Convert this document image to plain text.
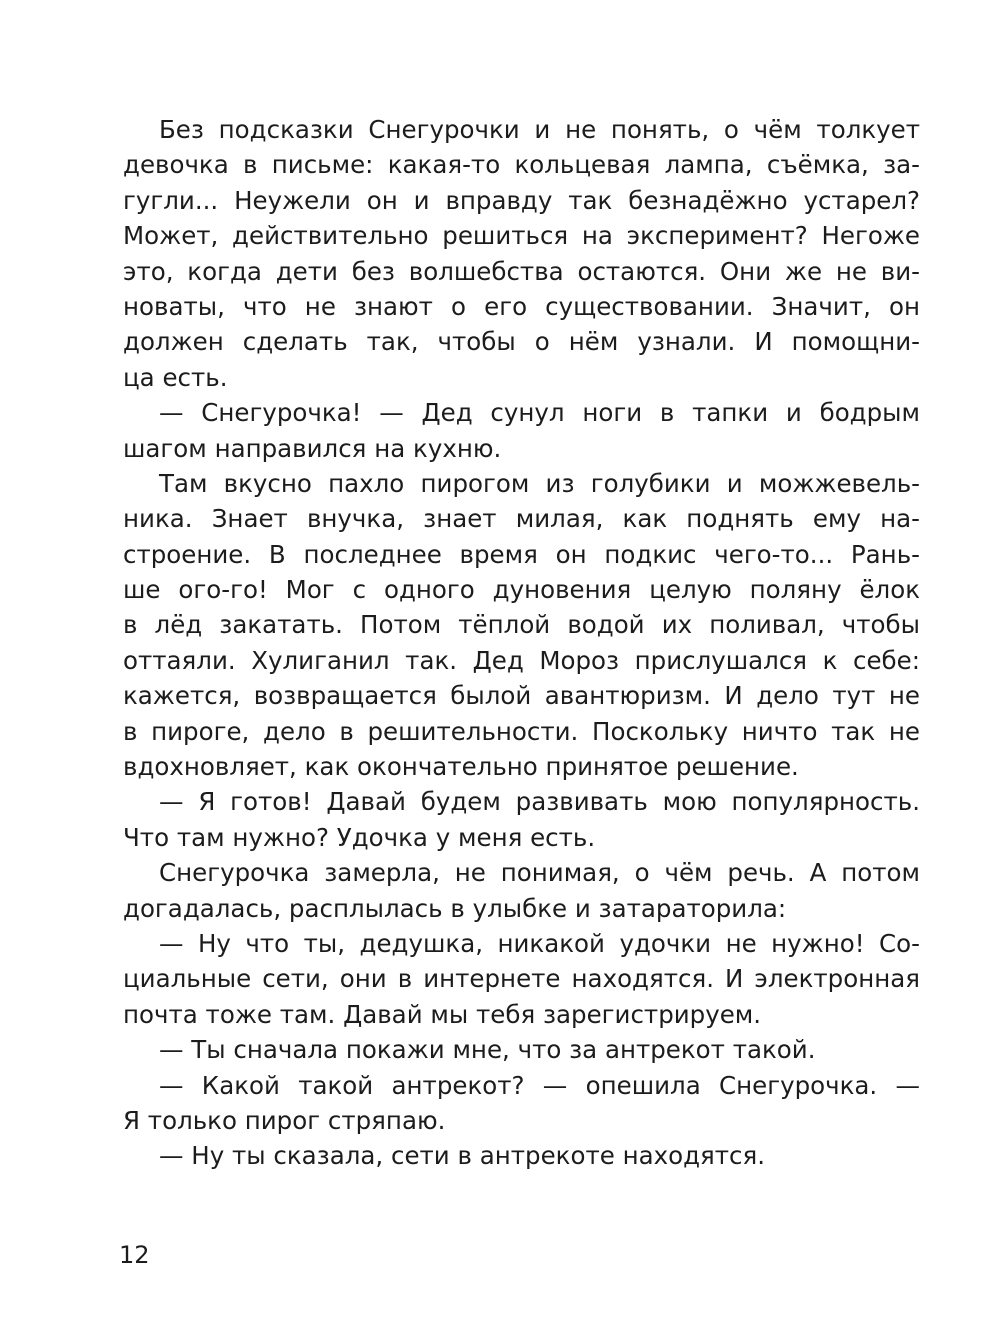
Без подсказки Снегурочки и не понять, о чём толкует
девочка в письме: какая-то кольцевая лампа, съёмка, за-
гугли... Неужели он и вправду так безнадёжно устарел?
Может, действительно решиться на эксперимент? Негоже
это, когда дети без волшебства остаются. Они же не ви-
новаты, что не знают о его существовании. Значит, он
должен сделать так, чтобы о нём узнали. И помощни-
ца есть.
— Снегурочка! — Дед сунул ноги в тапки и бодрым
шагом направился на кухню.
Там вкусно пахло пирогом из голубики и можжевель-
ника. Знает внучка, знает милая, как поднять ему на-
строение. В последнее время он подкис чего-то... Рань-
ше ого-го! Мог с одного дуновения целую поляну ёлок
в лёд закатать. Потом тёплой водой их поливал, чтобы
оттаяли. Хулиганил так. Дед Мороз прислушался к себе:
кажется, возвращается былой авантюризм. И дело тут не
в пироге, дело в решительности. Поскольку ничто так не
вдохновляет, как окончательно принятое решение.
— Я готов! Давай будем развивать мою популярность.
Что там нужно? Удочка у меня есть.
Снегурочка замерла, не понимая, о чём речь. А потом
догадалась, расплылась в улыбке и затараторила:
— Ну что ты, дедушка, никакой удочки не нужно! Со-
циальные сети, они в интернете находятся. И электронная
почта тоже там. Давай мы тебя зарегистрируем.
— Ты сначала покажи мне, что за антрекот такой.
— Какой такой антрекот? — опешила Снегурочка. —
Я только пирог стряпаю.
— Ну ты сказала, сети в антрекоте находятся.
12
